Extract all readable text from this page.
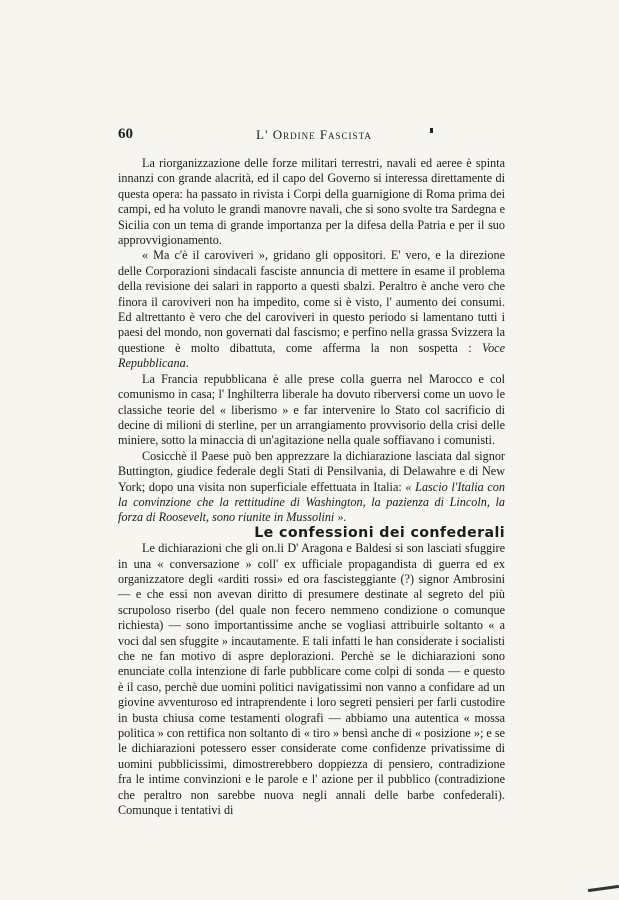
60	L' Ordine Fascista

La riorganizzazione delle forze militari terrestri, navali ed aeree è spinta innanzi con grande alacrità, ed il capo del Governo si interessa direttamente di questa opera: ha passato in rivista i Corpi della guarnigione di Roma prima dei campi, ed ha voluto le grandi manovre navali, che si sono svolte tra Sardegna e Sicilia con un tema di grande importanza per la difesa della Patria e per il suo approvvigionamento.

« Ma c'è il caroviveri », gridano gli oppositori. E' vero, e la direzione delle Corporazioni sindacali fasciste annuncia di mettere in esame il problema della revisione dei salari in rapporto a questi sbalzi. Peraltro è anche vero che finora il caroviveri non ha impedito, come si è visto, l' aumento dei consumi. Ed altrettanto è vero che del caroviveri in questo periodo si lamentano tutti i paesi del mondo, non governati dal fascismo; e perfino nella grassa Svizzera la questione è molto dibattuta, come afferma la non sospetta : Voce Repubblicana.

La Francia repubblicana è alle prese colla guerra nel Marocco e col comunismo in casa; l' Inghilterra liberale ha dovuto riberversi come un uovo le classiche teorie del « liberismo » e far intervenire lo Stato col sacrificio di decine di milioni di sterline, per un arrangiamento provvisorio della crisi delle miniere, sotto la minaccia di un'agitazione nella quale soffiavano i comunisti.

Cosicchè il Paese può ben apprezzare la dichiarazione lasciata dal signor Buttington, giudice federale degli Stati di Pensilvania, di Delawahre e di New York; dopo una visita non superficiale effettuata in Italia: « Lascio l'Italia con la convinzione che la rettitudine di Washington, la pazienza di Lincoln, la forza di Roosevelt, sono riunite in Mussolini ».

Le confessioni dei confederali

Le dichiarazioni che gli on.li D' Aragona e Baldesi si son lasciati sfuggire in una « conversazione » coll' ex ufficiale propagandista di guerra ed ex organizzatore degli «arditi rossi» ed ora fascisteggiante (?) signor Ambrosini — e che essi non avevan diritto di presumere destinate al segreto del più scrupoloso riserbo (del quale non fecero nemmeno condizione o comunque richiesta) — sono importantissime anche se vogliasi attribuirle soltanto « a voci dal sen sfuggite » incautamente. E tali infatti le han considerate i socialisti che ne fan motivo di aspre deplorazioni. Perchè se le dichiarazioni sono enunciate colla intenzione di farle pubblicare come colpi di sonda — e questo è il caso, perchè due uomini politici navigatissimi non vanno a confidare ad un giovine avventuroso ed intraprendente i loro segreti pensieri per farli custodire in busta chiusa come testamenti olografi — abbiamo una autentica « mossa politica » con rettifica non soltanto di « tiro » bensì anche di « posizione »; e se le dichiarazioni potessero esser considerate come confidenze privatissime di uomini pubblicissimi, dimostrerebbero doppiezza di pensiero, contradizione fra le intime convinzioni e le parole e l' azione per il pubblico (contradizione che peraltro non sarebbe nuova negli annali delle barbe confederali). Comunque i tentativi di
